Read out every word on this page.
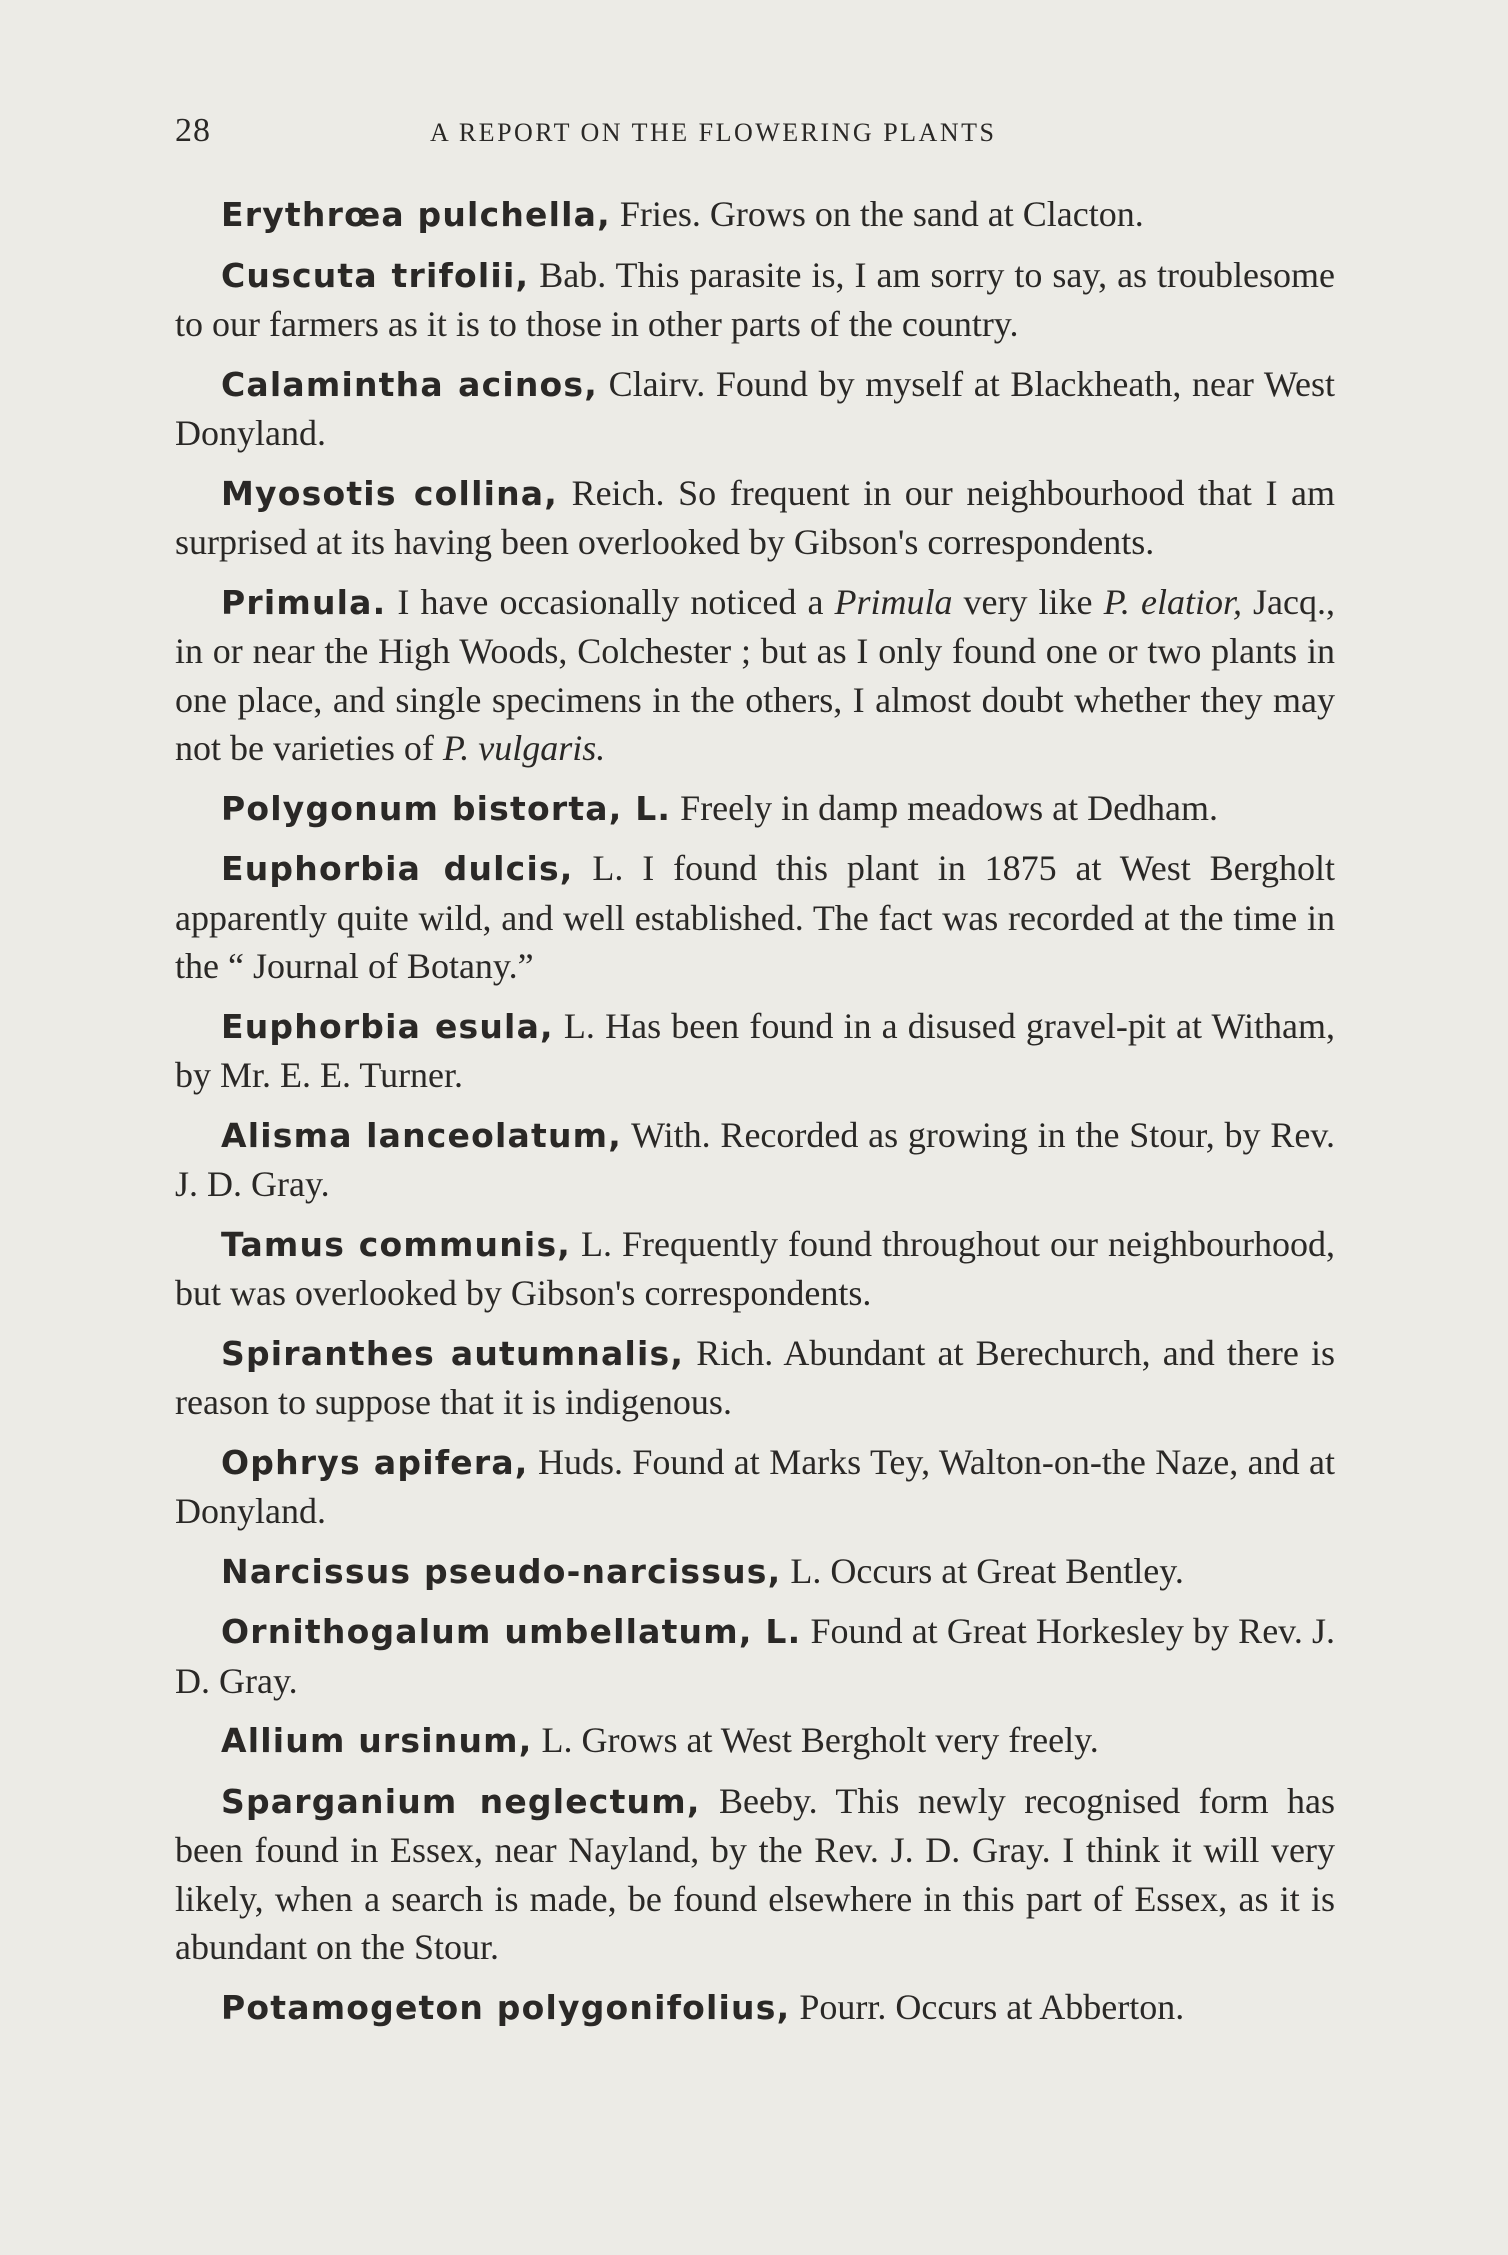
28	A REPORT ON THE FLOWERING PLANTS

Erythrœa pulchella, Fries. Grows on the sand at Clacton.

Cuscuta trifolii, Bab. This parasite is, I am sorry to say, as troublesome to our farmers as it is to those in other parts of the country.

Calamintha acinos, Clairv. Found by myself at Blackheath, near West Donyland.

Myosotis collina, Reich. So frequent in our neighbourhood that I am surprised at its having been overlooked by Gibson's correspondents.

Primula. I have occasionally noticed a Primula very like P. elatior, Jacq., in or near the High Woods, Colchester ; but as I only found one or two plants in one place, and single specimens in the others, I almost doubt whether they may not be varieties of P. vulgaris.

Polygonum bistorta, L. Freely in damp meadows at Dedham.

Euphorbia dulcis, L. I found this plant in 1875 at West Bergholt apparently quite wild, and well established. The fact was recorded at the time in the “ Journal of Botany.”

Euphorbia esula, L. Has been found in a disused gravel-pit at Witham, by Mr. E. E. Turner.

Alisma lanceolatum, With. Recorded as growing in the Stour, by Rev. J. D. Gray.

Tamus communis, L. Frequently found throughout our neighbourhood, but was overlooked by Gibson's correspondents.

Spiranthes autumnalis, Rich. Abundant at Berechurch, and there is reason to suppose that it is indigenous.

Ophrys apifera, Huds. Found at Marks Tey, Walton-on-the Naze, and at Donyland.

Narcissus pseudo-narcissus, L. Occurs at Great Bentley.

Ornithogalum umbellatum, L. Found at Great Horkesley by Rev. J. D. Gray.

Allium ursinum, L. Grows at West Bergholt very freely.

Sparganium neglectum, Beeby. This newly recognised form has been found in Essex, near Nayland, by the Rev. J. D. Gray. I think it will very likely, when a search is made, be found elsewhere in this part of Essex, as it is abundant on the Stour.

Potamogeton polygonifolius, Pourr. Occurs at Abberton.
